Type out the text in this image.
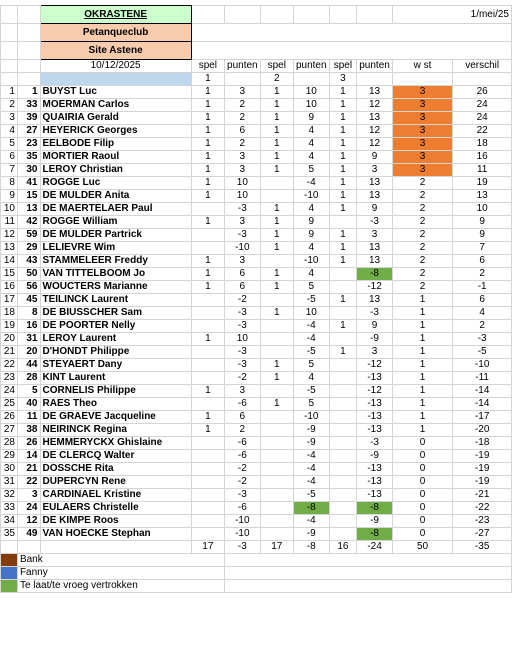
		OKRASTENE							1/mei/25	
		Petanqueclub								
		Site Astene								
		10/12/2025	spel	punten	spel	punten	spel	punten	w st	verschil
			1		2		3			
1	1	BUYST Luc	1	3	1	10	1	13	3	26
2	33	MOERMAN Carlos	1	2	1	10	1	12	3	24
3	39	QUAIRIA Gerald	1	2	1	9	1	13	3	24
4	27	HEYERICK Georges	1	6	1	4	1	12	3	22
5	23	EELBODE Filip	1	2	1	4	1	12	3	18
6	35	MORTIER Raoul	1	3	1	4	1	9	3	16
7	30	LEROY Christian	1	3	1	5	1	3	3	11
8	41	ROGGE Luc	1	10		-4	1	13	2	19
9	15	DE MULDER Anita	1	10		-10	1	13	2	13
10	13	DE MAERTELAER Paul		-3	1	4	1	9	2	10
11	42	ROGGE William	1	3	1	9		-3	2	9
12	59	DE MULDER Partrick		-3	1	9	1	3	2	9
13	29	LELIEVRE Wim		-10	1	4	1	13	2	7
14	43	STAMMELEER Freddy	1	3		-10	1	13	2	6
15	50	VAN TITTELBOOM Jo	1	6	1	4		-8	2	2
16	56	WOUCTERS Marianne	1	6	1	5		-12	2	-1
17	45	TEILINCK Laurent		-2		-5	1	13	1	6
18	8	DE BIUSSCHER Sam		-3	1	10		-3	1	4
19	16	DE POORTER Nelly		-3		-4	1	9	1	2
20	31	LEROY Laurent	1	10		-4		-9	1	-3
21	20	D'HONDT Philippe		-3		-5	1	3	1	-5
22	44	STEYAERT Dany		-3	1	5		-12	1	-10
23	28	KINT Laurent		-2	1	4		-13	1	-11
24	5	CORNELIS Philippe	1	3		-5		-12	1	-14
25	40	RAES Theo		-6	1	5		-13	1	-14
26	11	DE GRAEVE Jacqueline	1	6		-10		-13	1	-17
27	38	NEIRINCK Regina	1	2		-9		-13	1	-20
28	26	HEMMERYCKX Ghislaine		-6		-9		-3	0	-18
29	14	DE CLERCQ Walter		-6		-4		-9	0	-19
30	21	DOSSCHE Rita		-2		-4		-13	0	-19
31	22	DUPERCYN Rene		-2		-4		-13	0	-19
32	3	CARDINAEL Kristine		-3		-5		-13	0	-21
33	24	EULAERS Christelle		-6		-8		-8	0	-22
34	12	DE KIMPE Roos		-10		-4		-9	0	-23
35	49	VAN HOECKE Stephan		-10		-9		-8	0	-27
			17	-3	17	-8	16	-24	50	-35
	Bank									
	Fanny									
	Te laat/te vroeg vertrokken									
